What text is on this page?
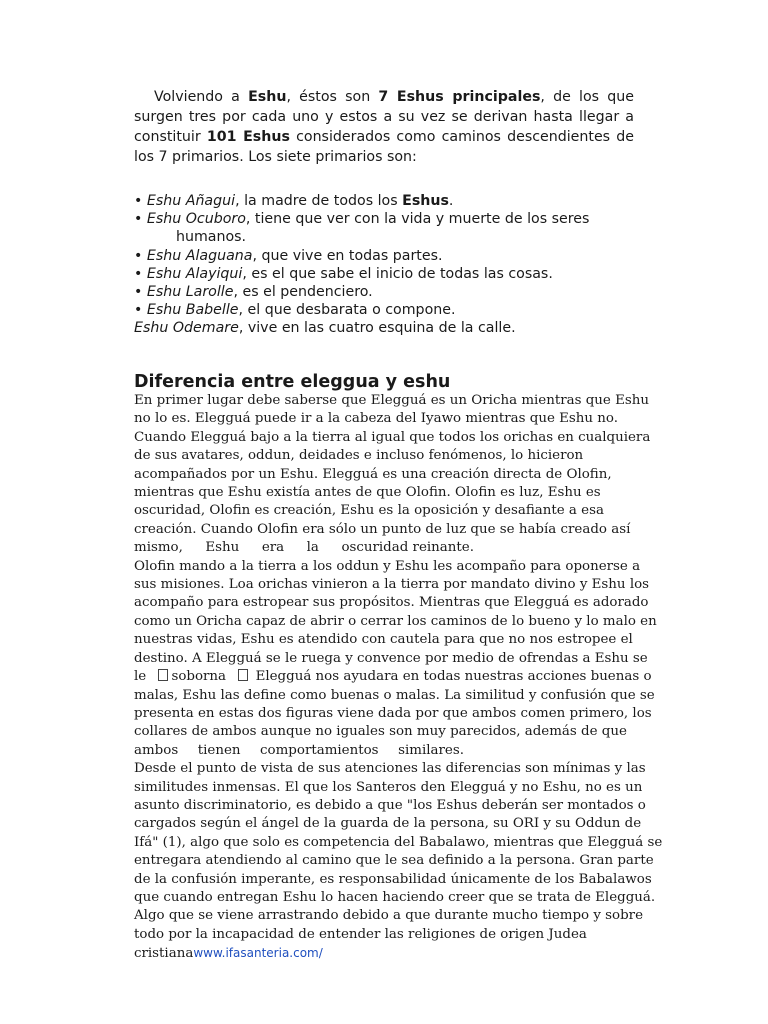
Volviendo a Eshu, éstos son 7 Eshus principales, de los que surgen tres por cada uno y estos a su vez se derivan hasta llegar a constituir 101 Eshus considerados como caminos descendientes de los 7 primarios. Los siete primarios son:

• Eshu Añagui, la madre de todos los Eshus.
• Eshu Ocuboro, tiene que ver con la vida y muerte de los seres
humanos.
• Eshu Alaguana, que vive en todas partes.
• Eshu Alayiqui, es el que sabe el inicio de todas las cosas.
• Eshu Larolle, es el pendenciero.
• Eshu Babelle, el que desbarata o compone.
Eshu Odemare, vive en las cuatro esquina de la calle.
Diferencia entre eleggua y eshu
En primer lugar debe saberse que Elegguá es un Oricha mientras que Eshu
no lo es. Elegguá puede ir a la cabeza del Iyawo mientras que Eshu no.
Cuando Elegguá bajo a la tierra al igual que todos los orichas en cualquiera
de sus avatares, oddun, deidades e incluso fenómenos, lo hicieron
acompañados por un Eshu. Elegguá es una creación directa de Olofin,
mientras que Eshu existía antes de que Olofin. Olofin es luz, Eshu es
oscuridad, Olofin es creación, Eshu es la oposición y desafiante a esa
creación. Cuando Olofin era sólo un punto de luz que se había creado así
mismo, Eshu era la oscuridad reinante.
Olofin mando a la tierra a los oddun y Eshu les acompaño para oponerse a
sus misiones. Loa orichas vinieron a la tierra por mandato divino y Eshu los
acompaño para estropear sus propósitos. Mientras que Elegguá es adorado
como un Oricha capaz de abrir o cerrar los caminos de lo bueno y lo malo en
nuestras vidas, Eshu es atendido con cautela para que no nos estropee el
destino. A Elegguá se le ruega y convence por medio de ofrendas a Eshu se
le soborna  Elegguá nos ayudara en todas nuestras acciones buenas o
malas, Eshu las define como buenas o malas. La similitud y confusión que se
presenta en estas dos figuras viene dada por que ambos comen primero, los
collares de ambos aunque no iguales son muy parecidos, además de que
ambos tienen comportamientos similares.
Desde el punto de vista de sus atenciones las diferencias son mínimas y las
similitudes inmensas. El que los Santeros den Elegguá y no Eshu, no es un
asunto discriminatorio, es debido a que "los Eshus deberán ser montados o
cargados según el ángel de la guarda de la persona, su ORI y su Oddun de
Ifá" (1), algo que solo es competencia del Babalawo, mientras que Elegguá se
entregara atendiendo al camino que le sea definido a la persona. Gran parte
de la confusión imperante, es responsabilidad únicamente de los Babalawos
que cuando entregan Eshu lo hacen haciendo creer que se trata de Elegguá.
Algo que se viene arrastrando debido a que durante mucho tiempo y sobre
todo por la incapacidad de entender las religiones de origen Judea
cristianawww.ifasanteria.com/
